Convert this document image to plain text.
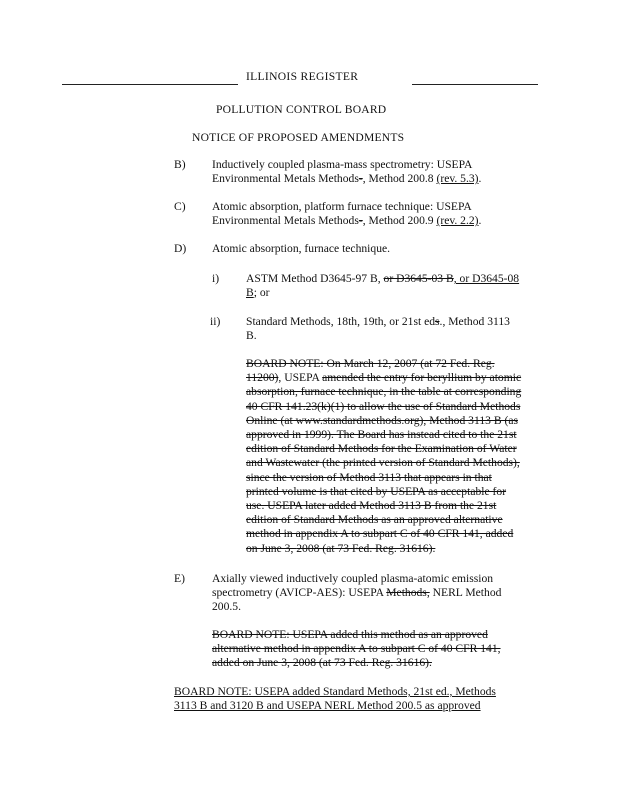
ILLINOIS REGISTER
POLLUTION CONTROL BOARD
NOTICE OF PROPOSED AMENDMENTS
B) Inductively coupled plasma-mass spectrometry: USEPA
Environmental Metals Methods-, Method 200.8 (rev. 5.3).
C) Atomic absorption, platform furnace technique: USEPA
Environmental Metals Methods-, Method 200.9 (rev. 2.2).
D) Atomic absorption, furnace technique.
i) ASTM Method D3645-97 B, or D3645-03 B, or D3645-08
B; or
ii) Standard Methods, 18th, 19th, or 21st eds., Method 3113
B.
BOARD NOTE: On March 12, 2007 (at 72 Fed. Reg.
11200), USEPA amended the entry for beryllium by atomic
absorption, furnace technique, in the table at corresponding
40 CFR 141.23(k)(1) to allow the use of Standard Methods
Online (at www.standardmethods.org), Method 3113 B (as
approved in 1999). The Board has instead cited to the 21st
edition of Standard Methods for the Examination of Water
and Wastewater (the printed version of Standard Methods),
since the version of Method 3113 that appears in that
printed volume is that cited by USEPA as acceptable for
use. USEPA later added Method 3113 B from the 21st
edition of Standard Methods as an approved alternative
method in appendix A to subpart C of 40 CFR 141, added
on June 3, 2008 (at 73 Fed. Reg. 31616).
E) Axially viewed inductively coupled plasma-atomic emission
spectrometry (AVICP-AES): USEPA Methods, NERL Method
200.5.
BOARD NOTE: USEPA added this method as an approved
alternative method in appendix A to subpart C of 40 CFR 141,
added on June 3, 2008 (at 73 Fed. Reg. 31616).
BOARD NOTE: USEPA added Standard Methods, 21st ed., Methods
3113 B and 3120 B and USEPA NERL Method 200.5 as approved
